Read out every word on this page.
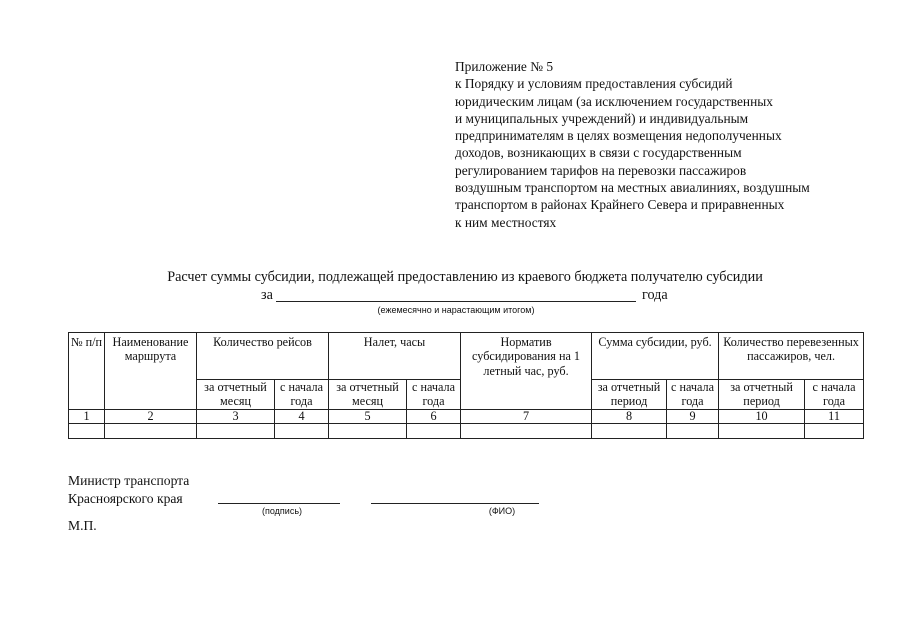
Приложение № 5
к Порядку и условиям предоставления субсидий
юридическим лицам (за исключением государственных
и муниципальных учреждений) и индивидуальным
предпринимателям в целях возмещения недополученных
доходов, возникающих в связи с государственным
регулированием тарифов на перевозки пассажиров
воздушным транспортом на местных авиалиниях, воздушным
транспортом в районах Крайнего Севера и приравненных
к ним местностях
Расчет суммы субсидии, подлежащей предоставлению из краевого бюджета получателю субсидии
за	года
(ежемесячно и нарастающим итогом)
№ п/п	Наименование маршрута	Количество рейсов		Налет, часы		Норматив субсидирования на 1 летный час, руб.	Сумма субсидии, руб.		Количество перевезенных пассажиров, чел.	
		за отчетный месяц	с начала года	за отчетный месяц	с начала года		за отчетный период	с начала года	за отчетный период	с начала года
1	2	3	4	5	6	7	8	9	10	11

Министр транспорта
Красноярского края
(подпись)	(ФИО)
М.П.
